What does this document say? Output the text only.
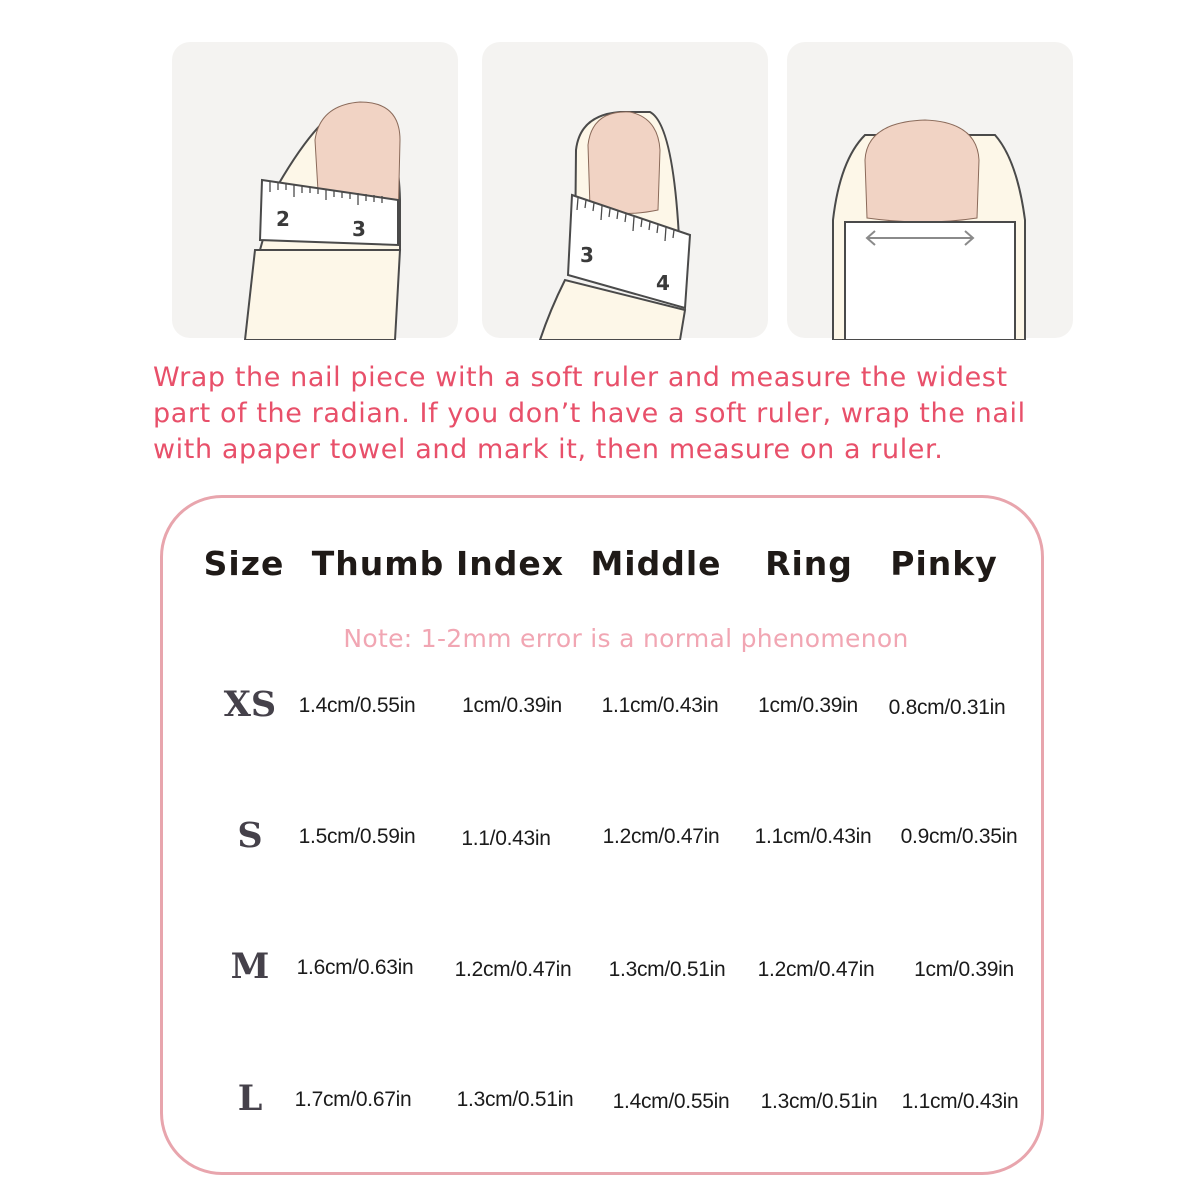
2	3
3
4

Wrap the nail piece with a soft ruler and measure the widest
part of the radian. If you don’t have a soft ruler, wrap the nail
with apaper towel and mark it, then measure on a ruler.

Size Thumb Index Middle Ring Pinky
Note: 1-2mm error is a normal phenomenon
XS 1.4cm/0.55in 1cm/0.39in 1.1cm/0.43in 1cm/0.39in 0.8cm/0.31in
S 1.5cm/0.59in 1.1/0.43in 1.2cm/0.47in 1.1cm/0.43in 0.9cm/0.35in
M 1.6cm/0.63in 1.2cm/0.47in 1.3cm/0.51in 1.2cm/0.47in 1cm/0.39in
L 1.7cm/0.67in 1.3cm/0.51in 1.4cm/0.55in 1.3cm/0.51in 1.1cm/0.43in
